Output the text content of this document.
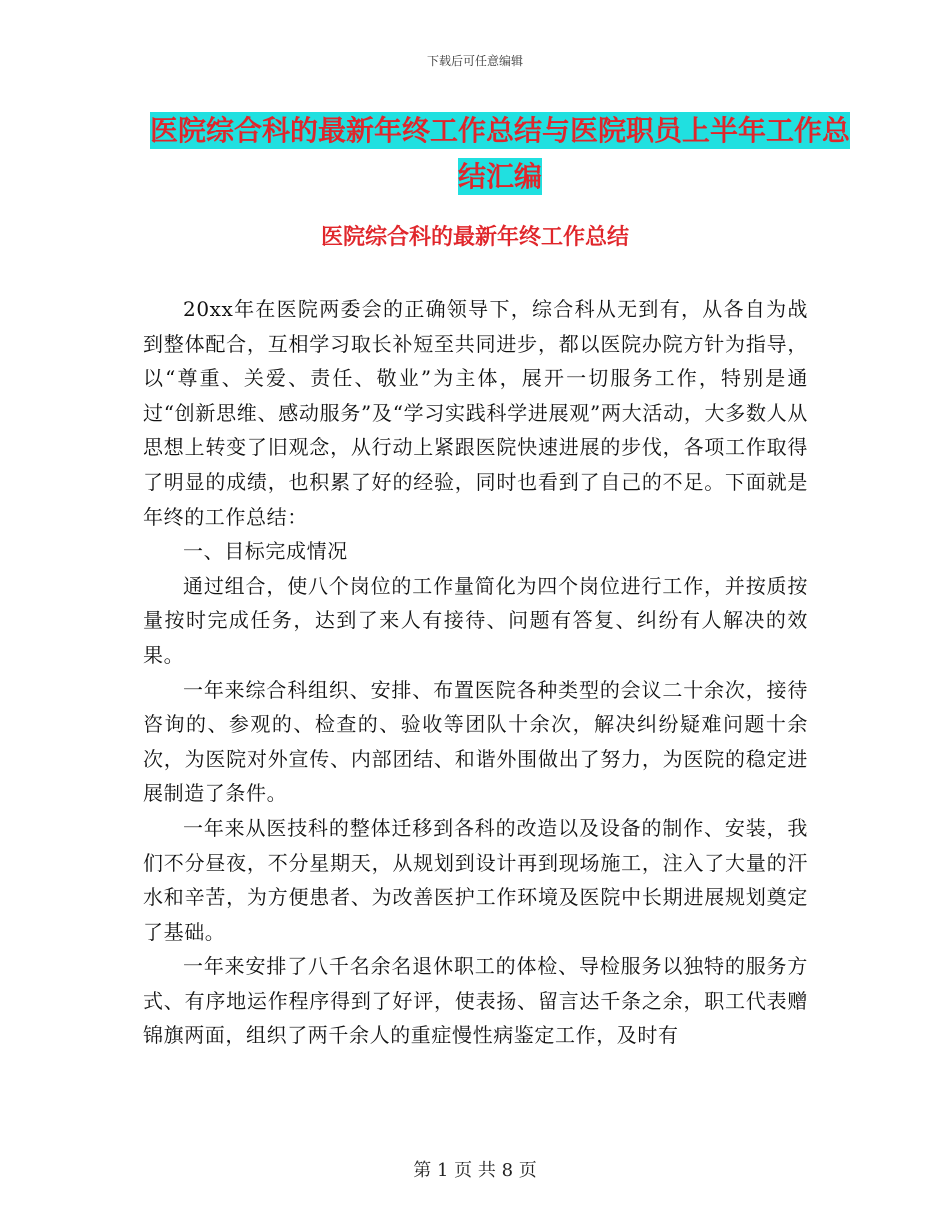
下载后可任意编辑
医院综合科的最新年终工作总结与医院职员上半年工作总结汇编
医院综合科的最新年终工作总结

20xx年在医院两委会的正确领导下，综合科从无到有，从各自为战到整体配合，互相学习取长补短至共同进步，都以医院办院方针为指导，以“尊重、关爱、责任、敬业”为主体，展开一切服务工作，特别是通过“创新思维、感动服务”及“学习实践科学进展观”两大活动，大多数人从思想上转变了旧观念，从行动上紧跟医院快速进展的步伐，各项工作取得了明显的成绩，也积累了好的经验，同时也看到了自己的不足。下面就是年终的工作总结：

一、目标完成情况

通过组合，使八个岗位的工作量简化为四个岗位进行工作，并按质按量按时完成任务，达到了来人有接待、问题有答复、纠纷有人解决的效果。

一年来综合科组织、安排、布置医院各种类型的会议二十余次，接待咨询的、参观的、检查的、验收等团队十余次，解决纠纷疑难问题十余次，为医院对外宣传、内部团结、和谐外围做出了努力，为医院的稳定进展制造了条件。

一年来从医技科的整体迁移到各科的改造以及设备的制作、安装，我们不分昼夜，不分星期天，从规划到设计再到现场施工，注入了大量的汗水和辛苦，为方便患者、为改善医护工作环境及医院中长期进展规划奠定了基础。

一年来安排了八千名余名退休职工的体检、导检服务以独特的服务方式、有序地运作程序得到了好评，使表扬、留言达千条之余，职工代表赠锦旗两面，组织了两千余人的重症慢性病鉴定工作，及时有

第 1 页 共 8 页
